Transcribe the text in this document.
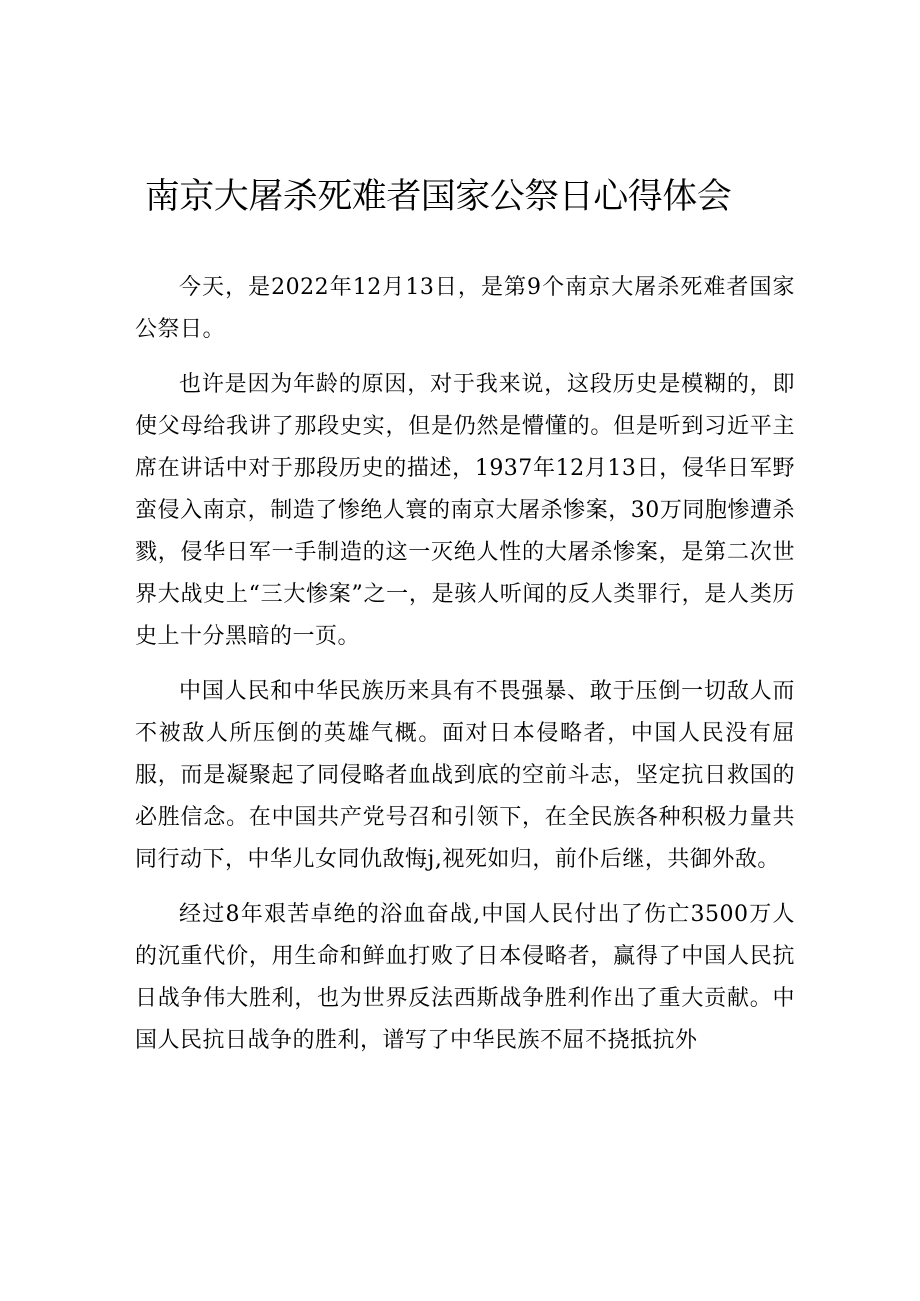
南京大屠杀死难者国家公祭日心得体会

今天，是2022年12月13日，是第9个南京大屠杀死难者国家公祭日。

也许是因为年龄的原因，对于我来说，这段历史是模糊的，即使父母给我讲了那段史实，但是仍然是懵懂的。但是听到习近平主席在讲话中对于那段历史的描述，1937年12月13日，侵华日军野蛮侵入南京，制造了惨绝人寰的南京大屠杀惨案，30万同胞惨遭杀戮，侵华日军一手制造的这一灭绝人性的大屠杀惨案，是第二次世界大战史上“三大惨案”之一，是骇人听闻的反人类罪行，是人类历史上十分黑暗的一页。

中国人民和中华民族历来具有不畏强暴、敢于压倒一切敌人而不被敌人所压倒的英雄气概。面对日本侵略者，中国人民没有屈服，而是凝聚起了同侵略者血战到底的空前斗志，坚定抗日救国的必胜信念。在中国共产党号召和引领下，在全民族各种积极力量共同行动下，中华儿女同仇敌悔j,视死如归，前仆后继，共御外敌。

经过8年艰苦卓绝的浴血奋战,中国人民付出了伤亡3500万人的沉重代价，用生命和鲜血打败了日本侵略者，赢得了中国人民抗日战争伟大胜利，也为世界反法西斯战争胜利作出了重大贡献。中国人民抗日战争的胜利，谱写了中华民族不屈不挠抵抗外
